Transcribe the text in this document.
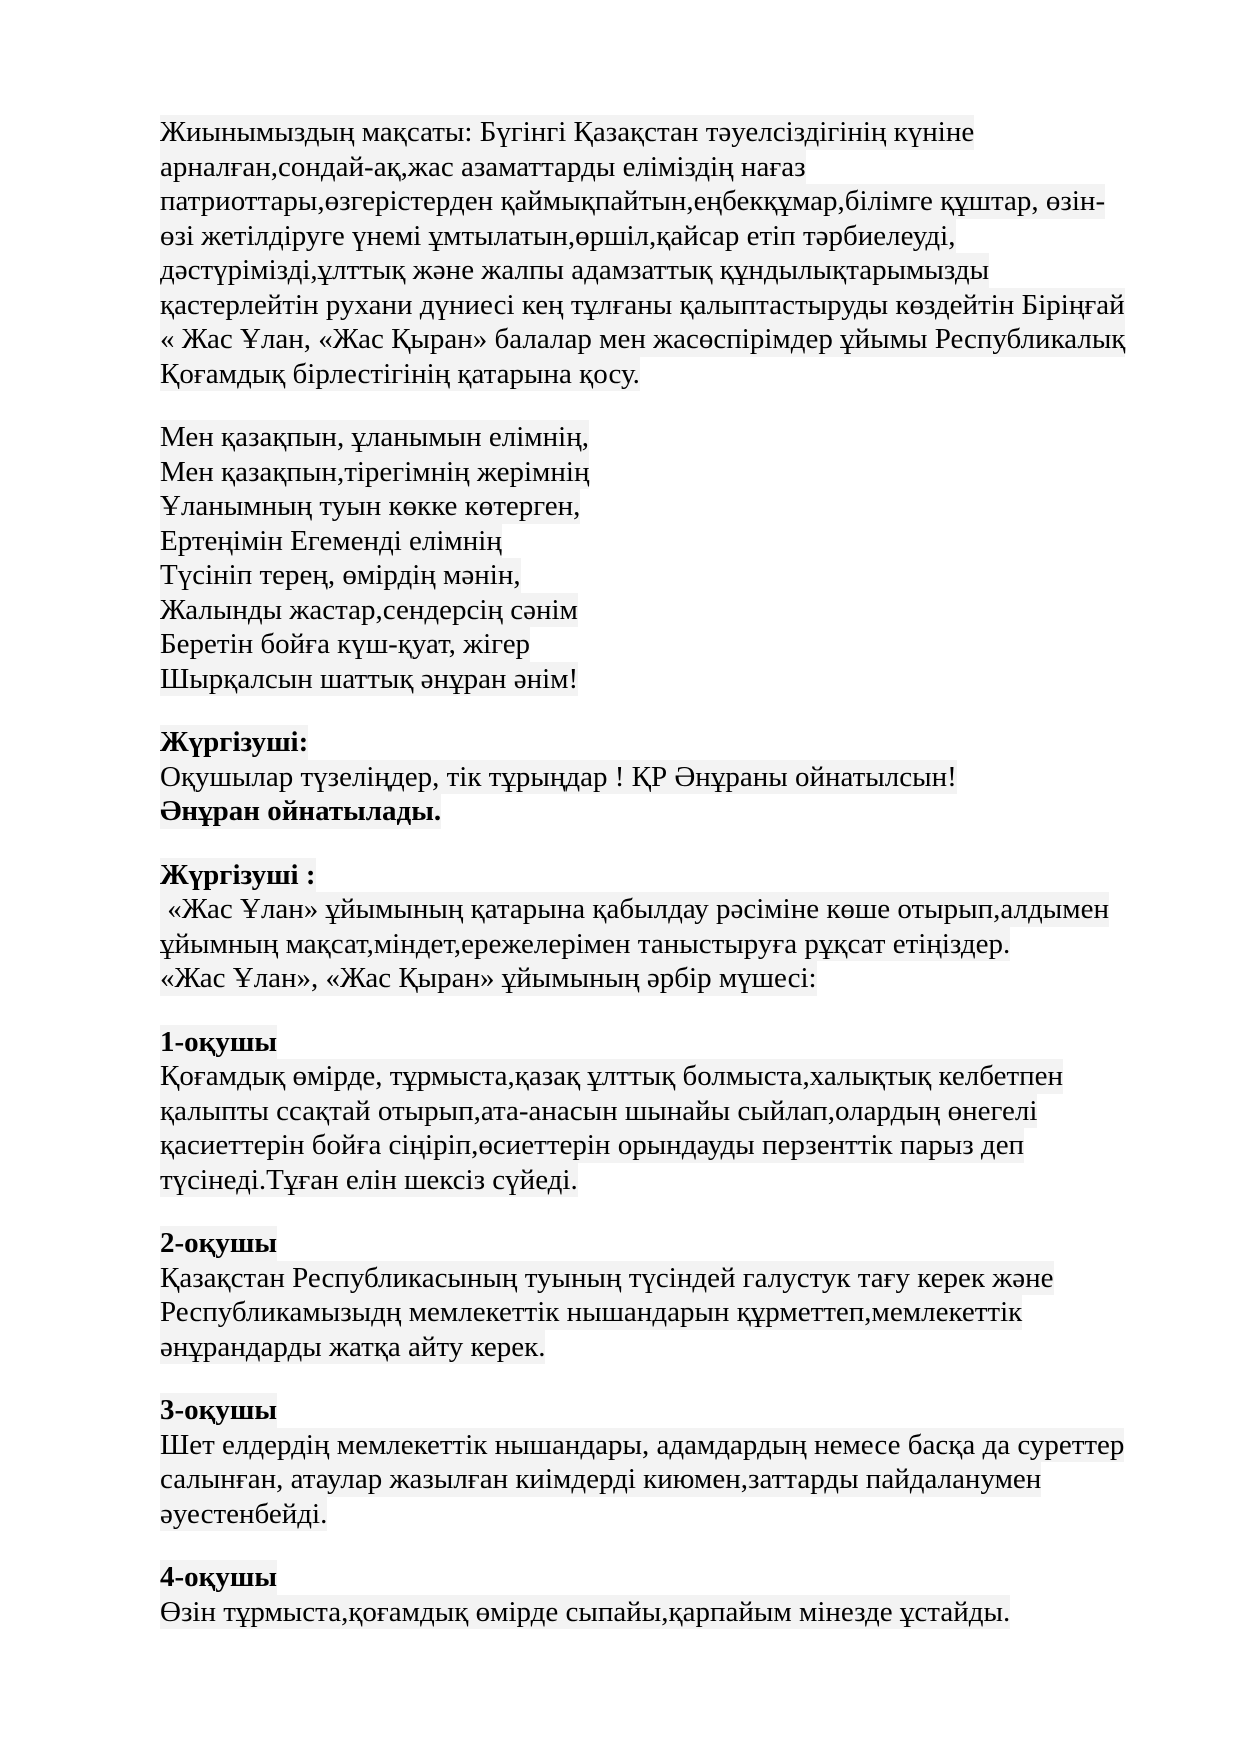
Жиынымыздың мақсаты: Бүгінгі Қазақстан тәуелсіздігінің күніне
арналған,сондай-ақ,жас азаматтарды еліміздің нағаз
патриоттары,өзгерістерден қаймықпайтын,еңбекқұмар,білімге құштар, өзін-
өзі жетілдіруге үнемі ұмтылатын,өршіл,қайсар етіп тәрбиелеуді,
дәстүрімізді,ұлттық және жалпы адамзаттық құндылықтарымызды
қастерлейтін рухани дүниесі кең тұлғаны қалыптастыруды көздейтін Біріңғай
« Жас Ұлан, «Жас Қыран» балалар мен жасөспірімдер ұйымы Республикалық
Қоғамдық бірлестігінің қатарына қосу.
Мен қазақпын, ұланымын елімнің,
Мен қазақпын,тірегімнің жерімнің
Ұланымның туын көкке көтерген,
Ертеңімін Егеменді елімнің
Түсініп терең, өмірдің мәнін,
Жалынды жастар,сендерсің сәнім
Беретін бойға күш-қуат, жігер
Шырқалсын шаттық әнұран әнім!
Жүргізуші:
Оқушылар түзеліңдер, тік тұрыңдар ! ҚР Әнұраны ойнатылсын!
Әнұран ойнатылады.
Жүргізуші :
«Жас Ұлан» ұйымының қатарына қабылдау рәсіміне көше отырып,алдымен
ұйымның мақсат,міндет,ережелерімен таныстыруға рұқсат етіңіздер.
«Жас Ұлан», «Жас Қыран» ұйымының әрбір мүшесі:
1-оқушы
Қоғамдық өмірде, тұрмыста,қазақ ұлттық болмыста,халықтық келбетпен
қалыпты ссақтай отырып,ата-анасын шынайы сыйлап,олардың өнегелі
қасиеттерін бойға сіңіріп,өсиеттерін орындауды перзенттік парыз деп
түсінеді.Тұған елін шексіз сүйеді.
2-оқушы
Қазақстан Республикасының туының түсіндей галустук тағу керек және
Республикамызыдң мемлекеттік нышандарын құрметтеп,мемлекеттік
әнұрандарды жатқа айту керек.
3-оқушы
Шет елдердің мемлекеттік нышандары, адамдардың немесе басқа да суреттер
салынған, атаулар жазылған киімдерді киюмен,заттарды пайдаланумен
әуестенбейді.
4-оқушы
Өзін тұрмыста,қоғамдық өмірде сыпайы,қарпайым мінезде ұстайды.
